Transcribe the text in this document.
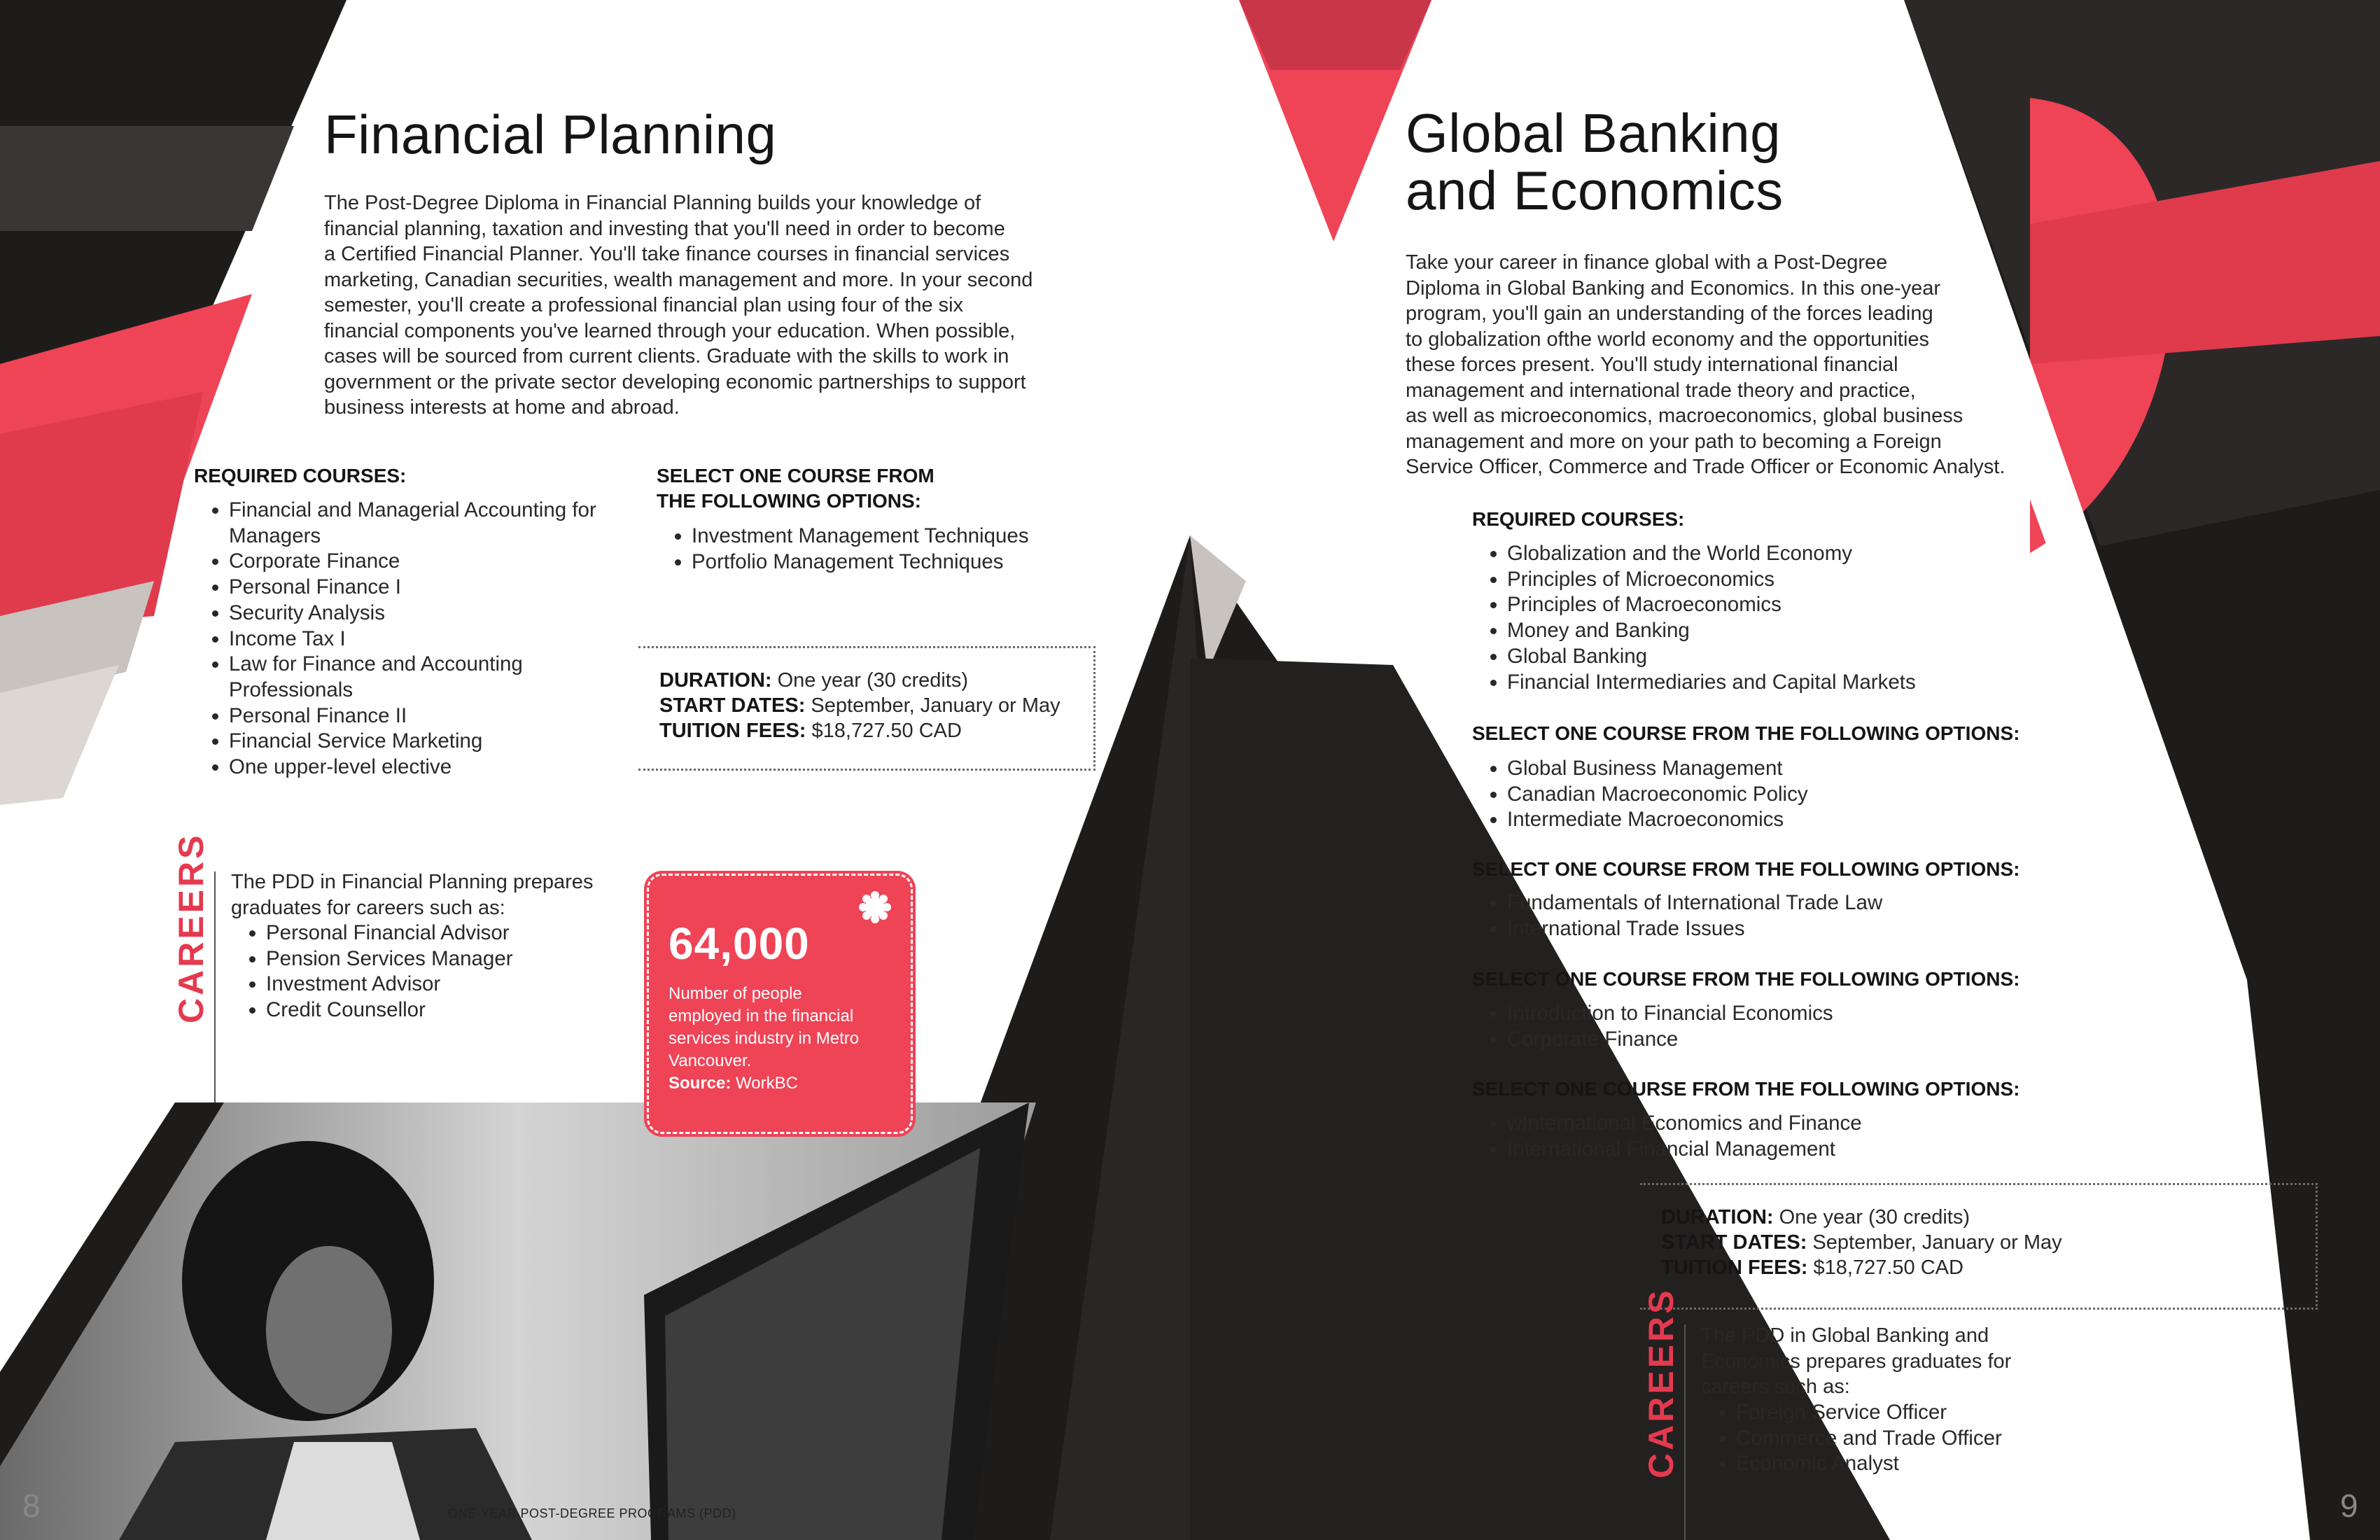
Financial Planning
The Post-Degree Diploma in Financial Planning builds your knowledge of
financial planning, taxation and investing that you'll need in order to become
a Certified Financial Planner. You'll take finance courses in financial services
marketing, Canadian securities, wealth management and more. In your second
semester, you'll create a professional financial plan using four of the six
financial components you've learned through your education. When possible,
cases will be sourced from current clients. Graduate with the skills to work in
government or the private sector developing economic partnerships to support
business interests at home and abroad.
REQUIRED COURSES:
• Financial and Managerial Accounting for Managers
• Corporate Finance
• Personal Finance I
• Security Analysis
• Income Tax I
• Law for Finance and Accounting Professionals
• Personal Finance II
• Financial Service Marketing
• One upper-level elective
SELECT ONE COURSE FROM
THE FOLLOWING OPTIONS:
• Investment Management Techniques
• Portfolio Management Techniques
DURATION: One year (30 credits)
START DATES: September, January or May
TUITION FEES: $18,727.50 CAD
CAREERS The PDD in Financial Planning prepares
graduates for careers such as:
• Personal Financial Advisor
• Pension Services Manager
• Investment Advisor
• Credit Counsellor
64,000
Number of people
employed in the financial
services industry in Metro
Vancouver.
Source: WorkBC
ONE-YEAR POST-DEGREE PROGRAMS (PDD)
8
Global Banking
and Economics
Take your career in finance global with a Post-Degree
Diploma in Global Banking and Economics. In this one-year
program, you'll gain an understanding of the forces leading
to globalization ofthe world economy and the opportunities
these forces present. You'll study international financial
management and international trade theory and practice,
as well as microeconomics, macroeconomics, global business
management and more on your path to becoming a Foreign
Service Officer, Commerce and Trade Officer or Economic Analyst.
REQUIRED COURSES:
• Globalization and the World Economy
• Principles of Microeconomics
• Principles of Macroeconomics
• Money and Banking
• Global Banking
• Financial Intermediaries and Capital Markets
SELECT ONE COURSE FROM THE FOLLOWING OPTIONS:
• Global Business Management
• Canadian Macroeconomic Policy
• Intermediate Macroeconomics
SELECT ONE COURSE FROM THE FOLLOWING OPTIONS:
• Fundamentals of International Trade Law
• International Trade Issues
SELECT ONE COURSE FROM THE FOLLOWING OPTIONS:
• Introduction to Financial Economics
• Corporate Finance
SELECT ONE COURSE FROM THE FOLLOWING OPTIONS:
• wInternational Economics and Finance
• International Financial Management
DURATION: One year (30 credits)
START DATES: September, January or May
TUITION FEES: $18,727.50 CAD
CAREERS The PDD in Global Banking and
Economics prepares graduates for
careers such as:
• Foreign Service Officer
• Commerce and Trade Officer
• Economic Analyst
9
